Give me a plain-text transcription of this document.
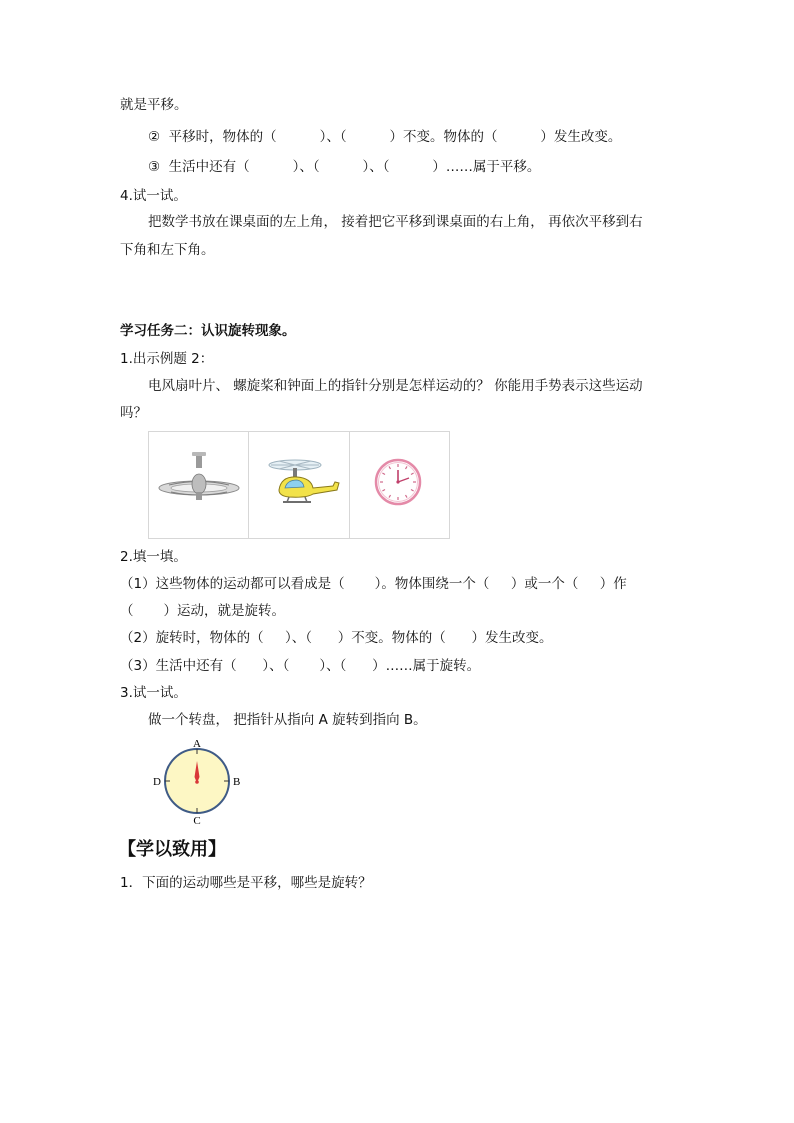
就是平移。
②  平移时，物体的（          ）、（          ）不变。物体的（          ）发生改变。
③  生活中还有（          ）、（          ）、（          ）……属于平移。
4.试一试。
把数学书放在课桌面的左上角， 接着把它平移到课桌面的右上角， 再依次平移到右
下角和左下角。
学习任务二：认识旋转现象。
1.出示例题 2：
电风扇叶片、 螺旋桨和钟面上的指针分别是怎样运动的？ 你能用手势表示这些运动
吗？
2.填一填。
（1）这些物体的运动都可以看成是（       ）。物体围绕一个（     ）或一个（     ）作
（       ）运动，就是旋转。
（2）旋转时，物体的（     ）、（      ）不变。物体的（      ）发生改变。
（3）生活中还有（      ）、（       ）、（      ）……属于旋转。
3.试一试。
做一个转盘， 把指针从指向 A 旋转到指向 B。
A
B
C
D
【学以致用】
1．下面的运动哪些是平移，哪些是旋转？
